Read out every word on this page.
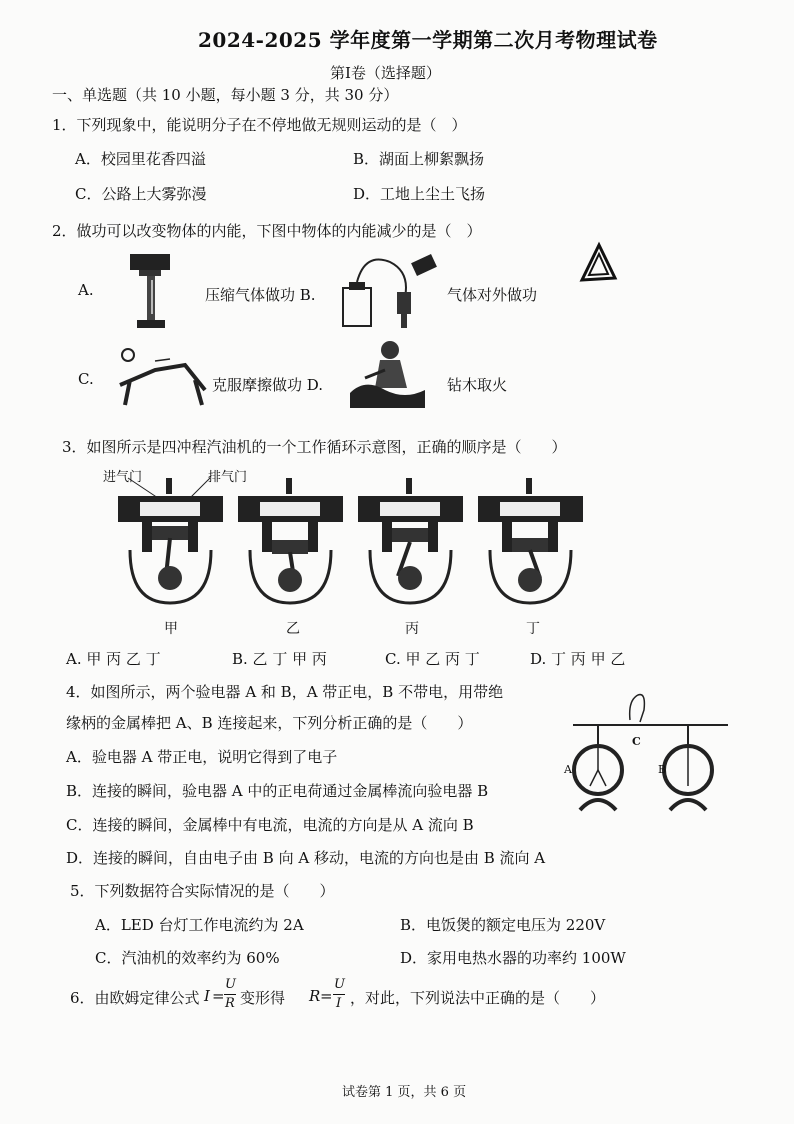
2024-2025 学年度第一学期第二次月考物理试卷
第Ⅰ卷（选择题）
一、单选题（共 10 小题，每小题 3 分，共 30 分）
1．下列现象中，能说明分子在不停地做无规则运动的是（　）
A．校园里花香四溢	B．湖面上柳絮飘扬
C．公路上大雾弥漫	D．工地上尘土飞扬
2．做功可以改变物体的内能，下图中物体的内能减少的是（　）
A.	压缩气体做功 B.	气体对外做功
C.	克服摩擦做功 D.	钻木取火
3．如图所示是四冲程汽油机的一个工作循环示意图，正确的顺序是（　　）
进气门	排气门
甲	乙	丙	丁
A. 甲 丙 乙 丁	B. 乙 丁 甲 丙	C. 甲 乙 丙 丁	D. 丁 丙 甲 乙
4．如图所示，两个验电器 A 和 B，A 带正电，B 不带电，用带绝
缘柄的金属棒把 A、B 连接起来，下列分析正确的是（　　）
A．验电器 A 带正电，说明它得到了电子
B．连接的瞬间，验电器 A 中的正电荷通过金属棒流向验电器 B
C．连接的瞬间，金属棒中有电流，电流的方向是从 A 流向 B
D．连接的瞬间，自由电子由 B 向 A 移动，电流的方向也是由 B 流向 A
A	B
C
5．下列数据符合实际情况的是（　　）
A．LED 台灯工作电流约为 2A	B．电饭煲的额定电压为 220V
C．汽油机的效率约为 60%	D．家用电热水器的功率约 100W
6．由欧姆定律公式 I =
U
R 变形得 R =
U
I ，对此，下列说法中正确的是（　　）
试卷第 1 页，共 6 页
